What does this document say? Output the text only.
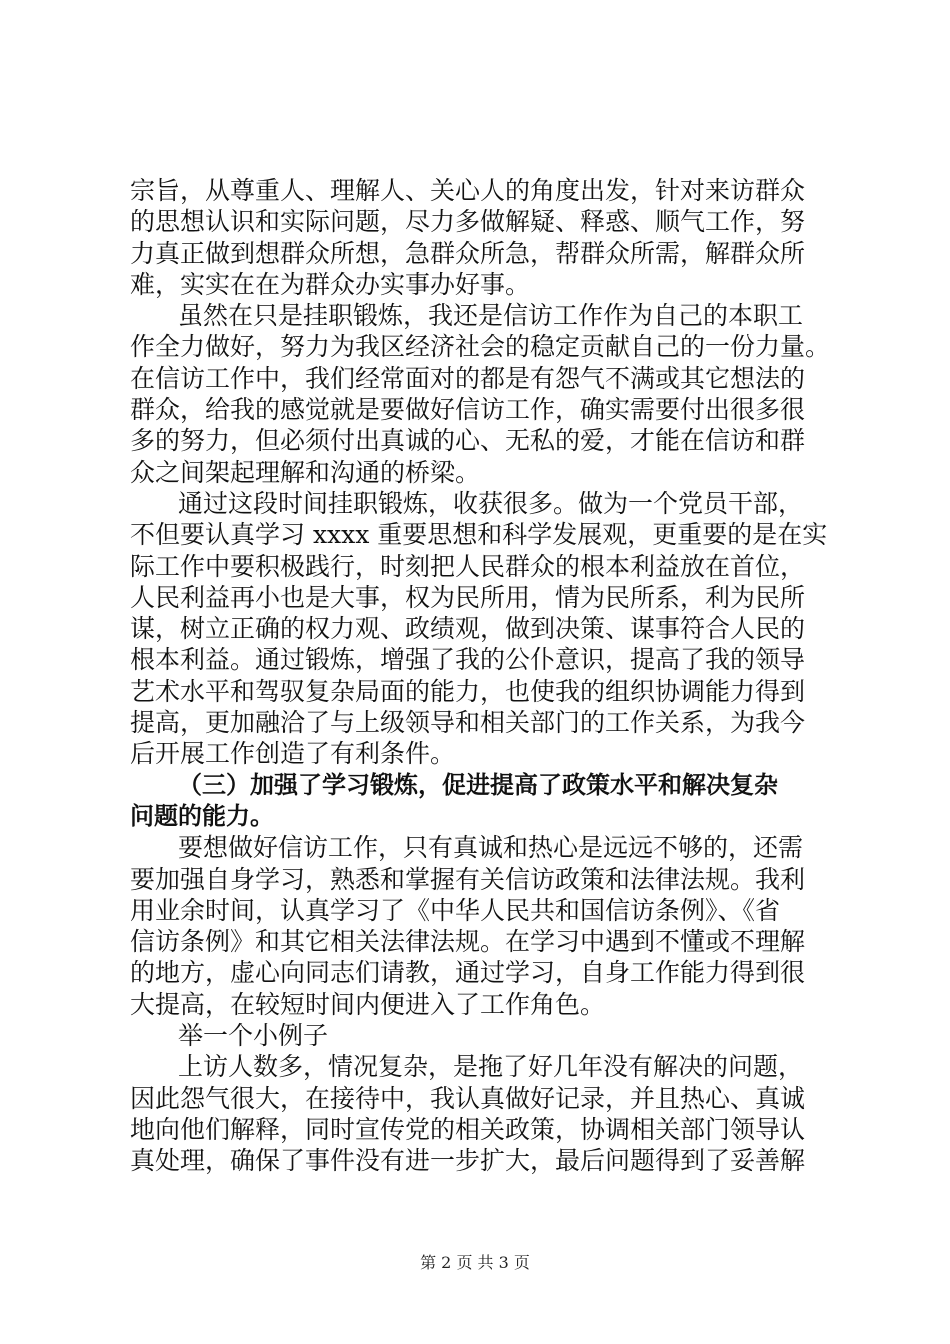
宗旨，从尊重人、理解人、关心人的角度出发，针对来访群众
的思想认识和实际问题，尽力多做解疑、释惑、顺气工作，努
力真正做到想群众所想，急群众所急，帮群众所需，解群众所
难，实实在在为群众办实事办好事。
虽然在只是挂职锻炼，我还是信访工作作为自己的本职工
作全力做好，努力为我区经济社会的稳定贡献自己的一份力量。
在信访工作中，我们经常面对的都是有怨气不满或其它想法的
群众，给我的感觉就是要做好信访工作，确实需要付出很多很
多的努力，但必须付出真诚的心、无私的爱，才能在信访和群
众之间架起理解和沟通的桥梁。
通过这段时间挂职锻炼，收获很多。做为一个党员干部，
不但要认真学习 xxxx 重要思想和科学发展观，更重要的是在实
际工作中要积极践行，时刻把人民群众的根本利益放在首位，
人民利益再小也是大事，权为民所用，情为民所系，利为民所
谋，树立正确的权力观、政绩观，做到决策、谋事符合人民的
根本利益。通过锻炼，增强了我的公仆意识，提高了我的领导
艺术水平和驾驭复杂局面的能力，也使我的组织协调能力得到
提高，更加融洽了与上级领导和相关部门的工作关系，为我今
后开展工作创造了有利条件。
（三）加强了学习锻炼，促进提高了政策水平和解决复杂
问题的能力。
要想做好信访工作，只有真诚和热心是远远不够的，还需
要加强自身学习，熟悉和掌握有关信访政策和法律法规。我利
用业余时间，认真学习了《中华人民共和国信访条例》、《省
信访条例》和其它相关法律法规。在学习中遇到不懂或不理解
的地方，虚心向同志们请教，通过学习，自身工作能力得到很
大提高，在较短时间内便进入了工作角色。
举一个小例子
上访人数多，情况复杂，是拖了好几年没有解决的问题，
因此怨气很大，在接待中，我认真做好记录，并且热心、真诚
地向他们解释，同时宣传党的相关政策，协调相关部门领导认
真处理，确保了事件没有进一步扩大，最后问题得到了妥善解
第 2 页 共 3 页
